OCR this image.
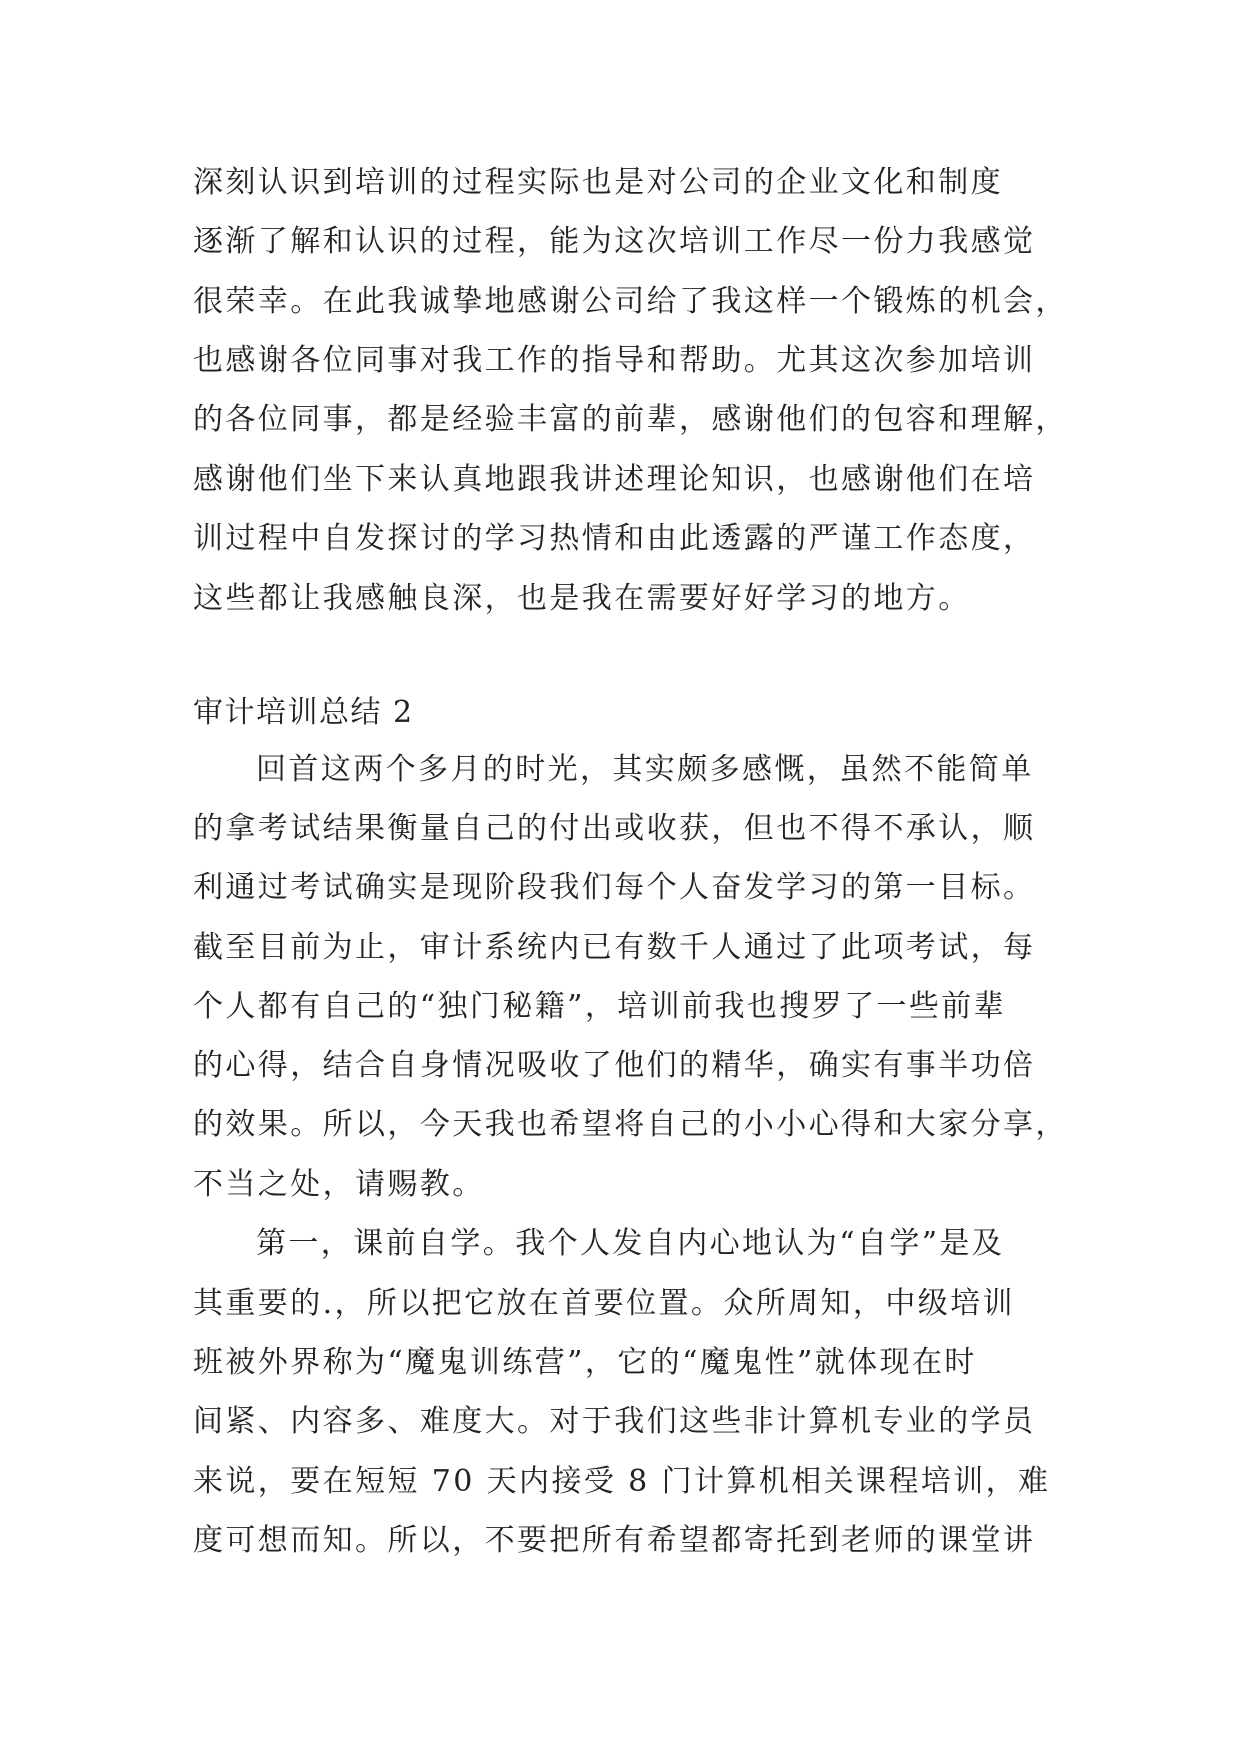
深刻认识到培训的过程实际也是对公司的企业文化和制度
逐渐了解和认识的过程，能为这次培训工作尽一份力我感觉
很荣幸。在此我诚挚地感谢公司给了我这样一个锻炼的机会，
也感谢各位同事对我工作的指导和帮助。尤其这次参加培训
的各位同事，都是经验丰富的前辈，感谢他们的包容和理解，
感谢他们坐下来认真地跟我讲述理论知识，也感谢他们在培
训过程中自发探讨的学习热情和由此透露的严谨工作态度，
这些都让我感触良深，也是我在需要好好学习的地方。
审计培训总结 2
回首这两个多月的时光，其实颇多感慨，虽然不能简单
的拿考试结果衡量自己的付出或收获，但也不得不承认，顺
利通过考试确实是现阶段我们每个人奋发学习的第一目标。
截至目前为止，审计系统内已有数千人通过了此项考试，每
个人都有自己的“独门秘籍”，培训前我也搜罗了一些前辈
的心得，结合自身情况吸收了他们的精华，确实有事半功倍
的效果。所以，今天我也希望将自己的小小心得和大家分享，
不当之处，请赐教。
第一，课前自学。我个人发自内心地认为“自学”是及
其重要的.，所以把它放在首要位置。众所周知，中级培训
班被外界称为“魔鬼训练营”，它的“魔鬼性”就体现在时
间紧、内容多、难度大。对于我们这些非计算机专业的学员
来说，要在短短 70 天内接受 8 门计算机相关课程培训，难
度可想而知。所以，不要把所有希望都寄托到老师的课堂讲
